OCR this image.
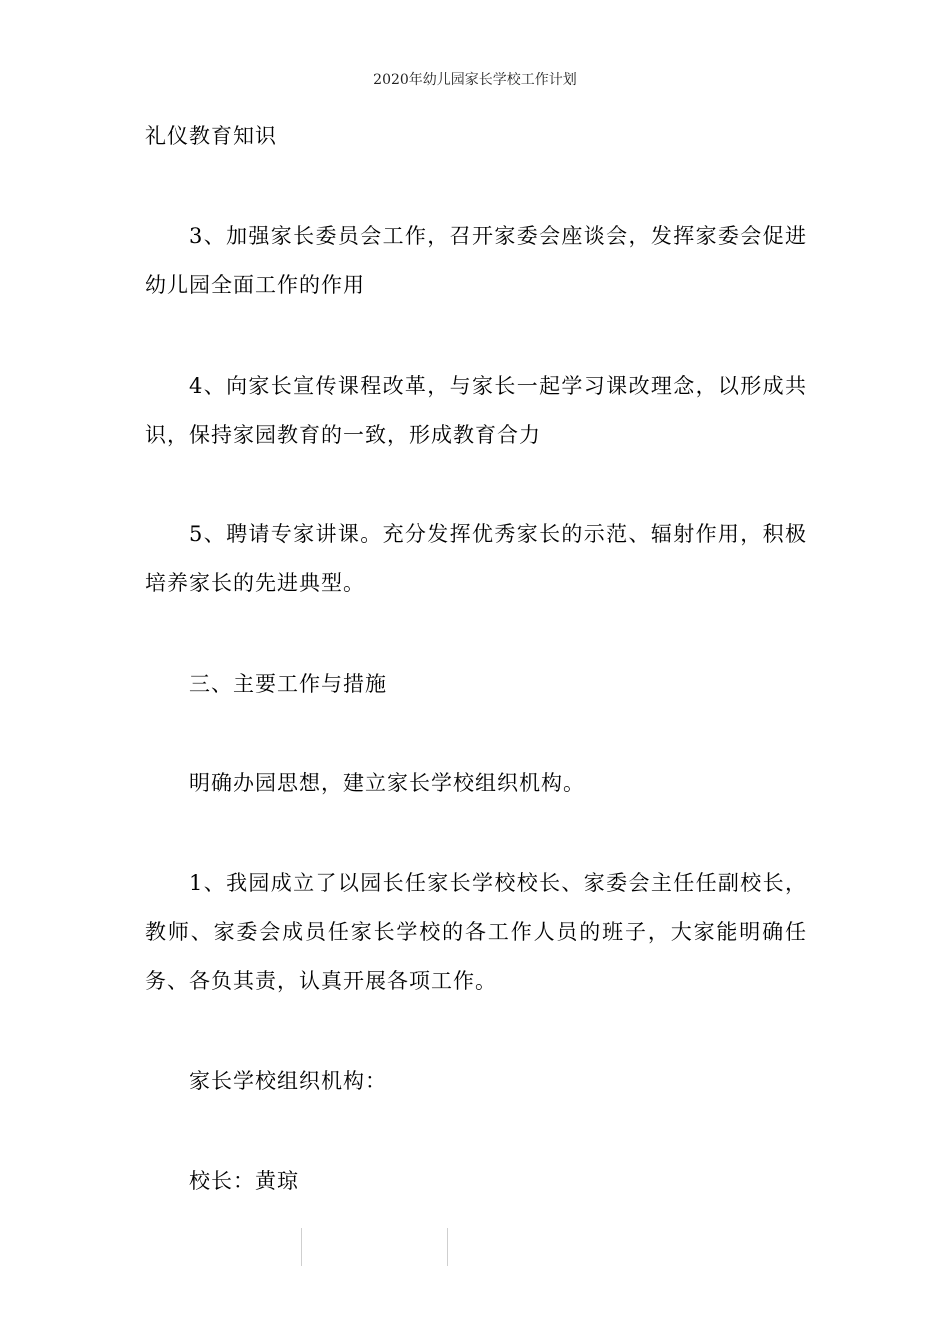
2020年幼儿园家长学校工作计划

礼仪教育知识

3、加强家长委员会工作，召开家委会座谈会，发挥家委会促进幼儿园全面工作的作用

4、向家长宣传课程改革，与家长一起学习课改理念，以形成共识，保持家园教育的一致，形成教育合力

5、聘请专家讲课。充分发挥优秀家长的示范、辐射作用，积极培养家长的先进典型。

三、主要工作与措施

明确办园思想，建立家长学校组织机构。

1、我园成立了以园长任家长学校校长、家委会主任任副校长，教师、家委会成员任家长学校的各工作人员的班子，大家能明确任务、各负其责，认真开展各项工作。

家长学校组织机构：

校长：黄琼
